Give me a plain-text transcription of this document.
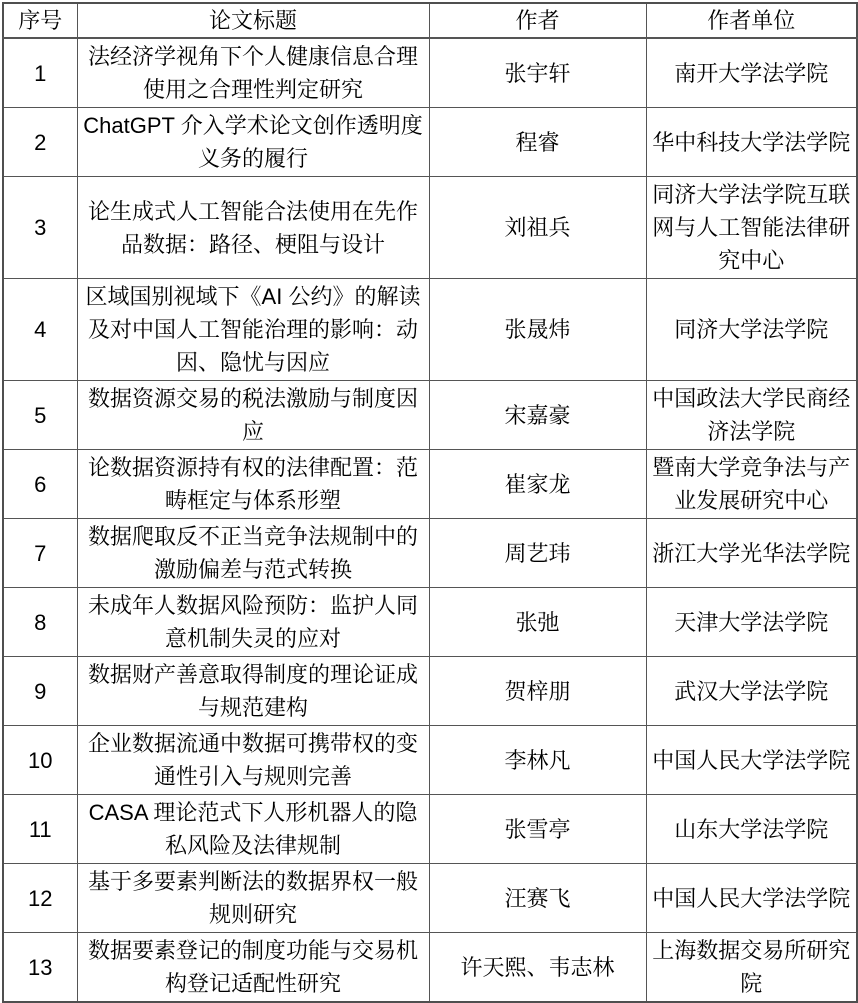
序号	论文标题	作者	作者单位
1	法经济学视角下个人健康信息合理使用之合理性判定研究	张宇轩	南开大学法学院
2	ChatGPT 介入学术论文创作透明度义务的履行	程睿	华中科技大学法学院
3	论生成式人工智能合法使用在先作品数据：路径、梗阻与设计	刘祖兵	同济大学法学院互联网与人工智能法律研究中心
4	区域国别视域下《AI 公约》的解读及对中国人工智能治理的影响：动因、隐忧与因应	张晟炜	同济大学法学院
5	数据资源交易的税法激励与制度因应	宋嘉豪	中国政法大学民商经济法学院
6	论数据资源持有权的法律配置：范畴框定与体系形塑	崔家龙	暨南大学竞争法与产业发展研究中心
7	数据爬取反不正当竞争法规制中的激励偏差与范式转换	周艺玮	浙江大学光华法学院
8	未成年人数据风险预防：监护人同意机制失灵的应对	张弛	天津大学法学院
9	数据财产善意取得制度的理论证成与规范建构	贺梓朋	武汉大学法学院
10	企业数据流通中数据可携带权的变通性引入与规则完善	李林凡	中国人民大学法学院
11	CASA 理论范式下人形机器人的隐私风险及法律规制	张雪亭	山东大学法学院
12	基于多要素判断法的数据界权一般规则研究	汪赛飞	中国人民大学法学院
13	数据要素登记的制度功能与交易机构登记适配性研究	许天熙、韦志林	上海数据交易所研究院
